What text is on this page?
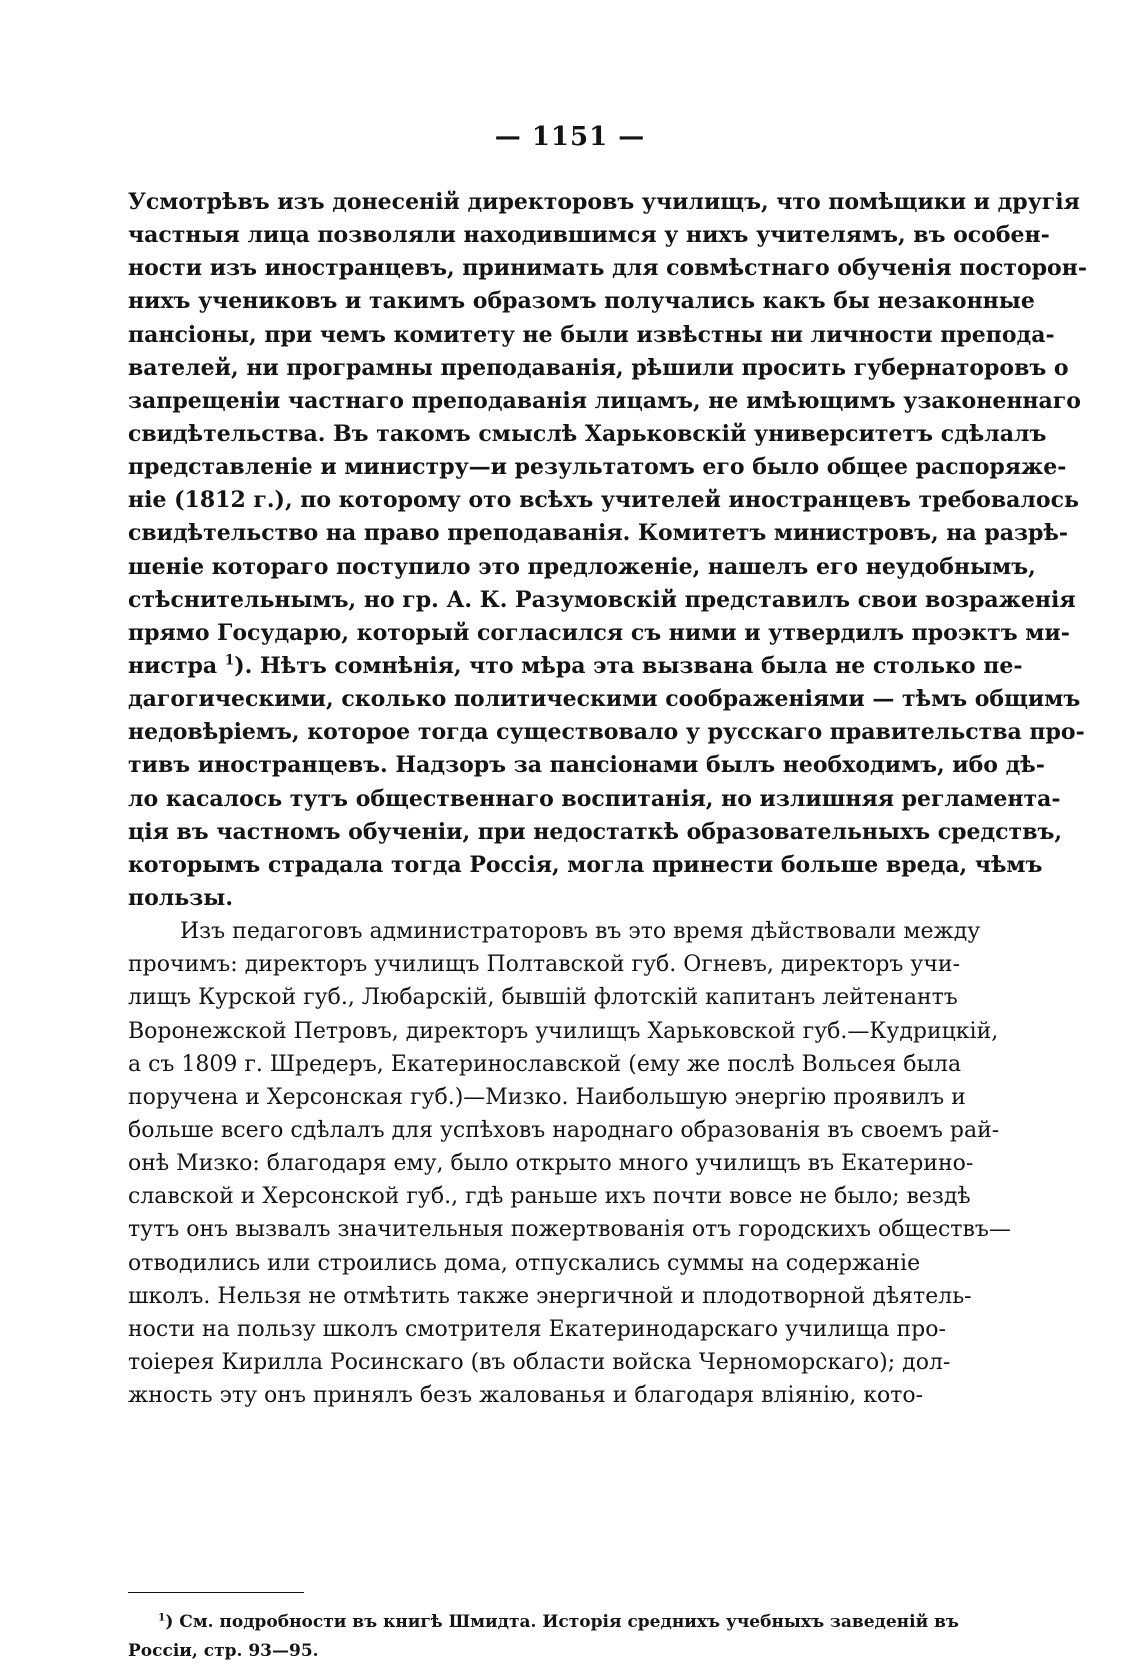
— 1151 —
Усмотрѣвъ изъ донесеній директоровъ училищъ, что помѣщики и другія
частныя лица позволяли находившимся у нихъ учителямъ, въ особен-
ности изъ иностранцевъ, принимать для совмѣстнаго обученія посторон-
нихъ учениковъ и такимъ образомъ получались какъ бы незаконные
пансіоны, при чемъ комитету не были извѣстны ни личности препода-
вателей, ни програмны преподаванія, рѣшили просить губернаторовъ о
запрещеніи частнаго преподаванія лицамъ, не имѣющимъ узаконеннаго
свидѣтельства. Въ такомъ смыслѣ Харьковскій университетъ сдѣлалъ
представленіе и министру—и результатомъ его было общее распоряже-
ніе (1812 г.), по которому ото всѣхъ учителей иностранцевъ требовалось
свидѣтельство на право преподаванія. Комитетъ министровъ, на разрѣ-
шеніе котораго поступило это предложеніе, нашелъ его неудобнымъ,
стѣснительнымъ, но гр. А. К. Разумовскій представилъ свои возраженія
прямо Государю, который согласился съ ними и утвердилъ проэктъ ми-
нистра $^1$). Нѣтъ сомнѣнія, что мѣра эта вызвана была не столько пе-
дагогическими, сколько политическими соображеніями — тѣмъ общимъ
недовѣріемъ, которое тогда существовало у русскаго правительства про-
тивъ иностранцевъ. Надзоръ за пансіонами былъ необходимъ, ибо дѣ-
ло касалось тутъ общественнаго воспитанія, но излишняя регламента-
ція въ частномъ обученіи, при недостаткѣ образовательныхъ средствъ,
которымъ страдала тогда Россія, могла принести больше вреда, чѣмъ
пользы.
Изъ педагоговъ администраторовъ въ это время дѣйствовали между
прочимъ: директоръ училищъ Полтавской губ. Огневъ, директоръ учи-
лищъ Курской губ., Любарскій, бывшій флотскій капитанъ лейтенантъ
Воронежской Петровъ, директоръ училищъ Харьковской губ.—Кудрицкій,
а съ 1809 г. Шредеръ, Екатеринославской (ему же послѣ Вольсея была
поручена и Херсонская губ.)—Мизко. Наибольшую энергію проявилъ и
больше всего сдѣлалъ для успѣховъ народнаго образованія въ своемъ рай-
онѣ Мизко: благодаря ему, было открыто много училищъ въ Екатерино-
славской и Херсонской губ., гдѣ раньше ихъ почти вовсе не было; вездѣ
тутъ онъ вызвалъ значительныя пожертвованія отъ городскихъ обществъ—
отводились или строились дома, отпускались суммы на содержаніе
школъ. Нельзя не отмѣтить также энергичной и плодотворной дѣятель-
ности на пользу школъ смотрителя Екатеринодарскаго училища про-
тоіерея Кирилла Росинскаго (въ области войска Черноморскаго); дол-
жность эту онъ принялъ безъ жалованья и благодаря вліянію, кото-
$^1$) См. подробности въ книгѣ Шмидта. Исторія среднихъ учебныхъ заведеній въ
Россіи, стр. 93—95.
